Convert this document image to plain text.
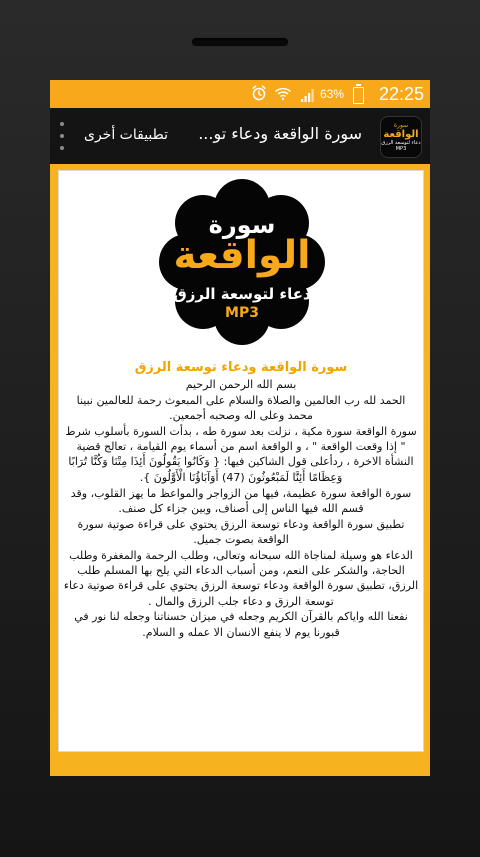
63% 22:25
تطبيقات أخرى	سورة الواقعة ودعاء تو...	سورة
الواقعة
دعاء لتوسعة الرزق
MP3
سورة
الواقعة
دعاء لتوسعة الرزق
MP3
سورة الواقعة ودعاء توسعة الرزق

بسم الله الرحمن الرحيم

الحمد لله رب العالمين والصلاة والسلام على المبعوث رحمة للعالمين نبينا محمد وعلى اله وصحبه أجمعين.

سورة الواقعة سورة مكية ، نزلت بعد سورة طه ، بدأت السورة بأسلوب شرط " إذا وقعت الواقعة " ، و الواقعة اسم من أسماء يوم القيامة ، تعالج قضية النشأة الاخرة ، ردأعلى قول الشاكين فيها: { وَكَانُوا يَقُولُونَ أَئِذَا مِتْنَا وَكُنَّا تُرَابًا وَعِظَامًا أَئِنَّا لَمَبْعُوثُونَ (47) أَوَآبَاؤُنَا الْأَوَّلُونَ }.

سورة الواقعة سورة عظيمة، فيها من الزواجر والمواعظ ما يهز القلوب، وقد قسم الله فيها الناس إلى أصناف، وبين جزاء كل صنف.

تطبيق سورة الواقعة ودعاء توسعة الرزق يحتوي على قراءة صوتية سورة الواقعة بصوت جميل.

الدعاء هو وسيلة لمناجاة الله سبحانه وتعالى، وطلب الرحمة والمغفرة وطلب الحاجة، والشكر على النعم، ومن أسباب الدعاء التي يلح بها المسلم طلب الرزق، تطبيق سورة الواقعة ودعاء توسعة الرزق يحتوي على قراءة صوتية دعاء توسعة الرزق و دعاء جلب الرزق والمال .

نفعنا الله واياكم بالقرآن الكريم وجعله في ميزان حسناتنا وجعله لنا نور في قبورنا يوم لا ينفع الانسان الا عمله و السلام.
